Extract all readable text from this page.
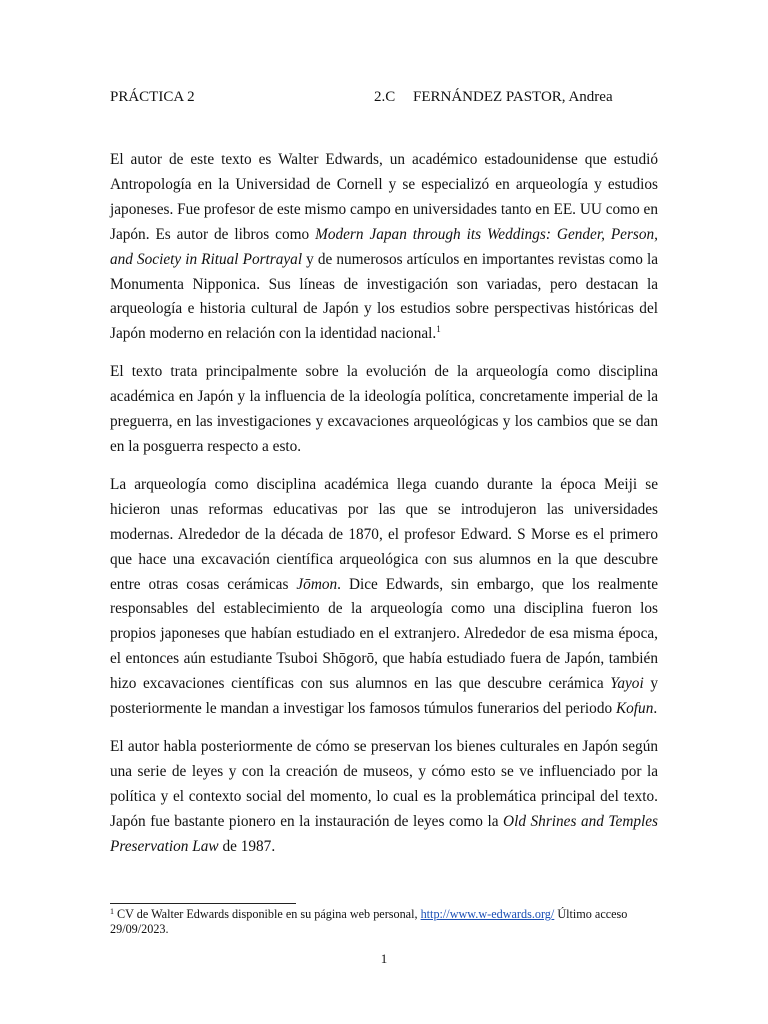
PRÁCTICA 2	2.C FERNÁNDEZ PASTOR, Andrea

El autor de este texto es Walter Edwards, un académico estadounidense que estudió Antropología en la Universidad de Cornell y se especializó en arqueología y estudios japoneses. Fue profesor de este mismo campo en universidades tanto en EE. UU como en Japón. Es autor de libros como Modern Japan through its Weddings: Gender, Person, and Society in Ritual Portrayal y de numerosos artículos en importantes revistas como la Monumenta Nipponica. Sus líneas de investigación son variadas, pero destacan la arqueología e historia cultural de Japón y los estudios sobre perspectivas históricas del Japón moderno en relación con la identidad nacional.$^1$

El texto trata principalmente sobre la evolución de la arqueología como disciplina académica en Japón y la influencia de la ideología política, concretamente imperial de la preguerra, en las investigaciones y excavaciones arqueológicas y los cambios que se dan en la posguerra respecto a esto.

La arqueología como disciplina académica llega cuando durante la época Meiji se hicieron unas reformas educativas por las que se introdujeron las universidades modernas. Alrededor de la década de 1870, el profesor Edward. S Morse es el primero que hace una excavación científica arqueológica con sus alumnos en la que descubre entre otras cosas cerámicas Jōmon. Dice Edwards, sin embargo, que los realmente responsables del establecimiento de la arqueología como una disciplina fueron los propios japoneses que habían estudiado en el extranjero. Alrededor de esa misma época, el entonces aún estudiante Tsuboi Shōgorō, que había estudiado fuera de Japón, también hizo excavaciones científicas con sus alumnos en las que descubre cerámica Yayoi y posteriormente le mandan a investigar los famosos túmulos funerarios del periodo Kofun.

El autor habla posteriormente de cómo se preservan los bienes culturales en Japón según una serie de leyes y con la creación de museos, y cómo esto se ve influenciado por la política y el contexto social del momento, lo cual es la problemática principal del texto. Japón fue bastante pionero en la instauración de leyes como la Old Shrines and Temples Preservation Law de 1987.

$^1$ CV de Walter Edwards disponible en su página web personal, http://www.w-edwards.org/ Último acceso 29/09/2023.
1
